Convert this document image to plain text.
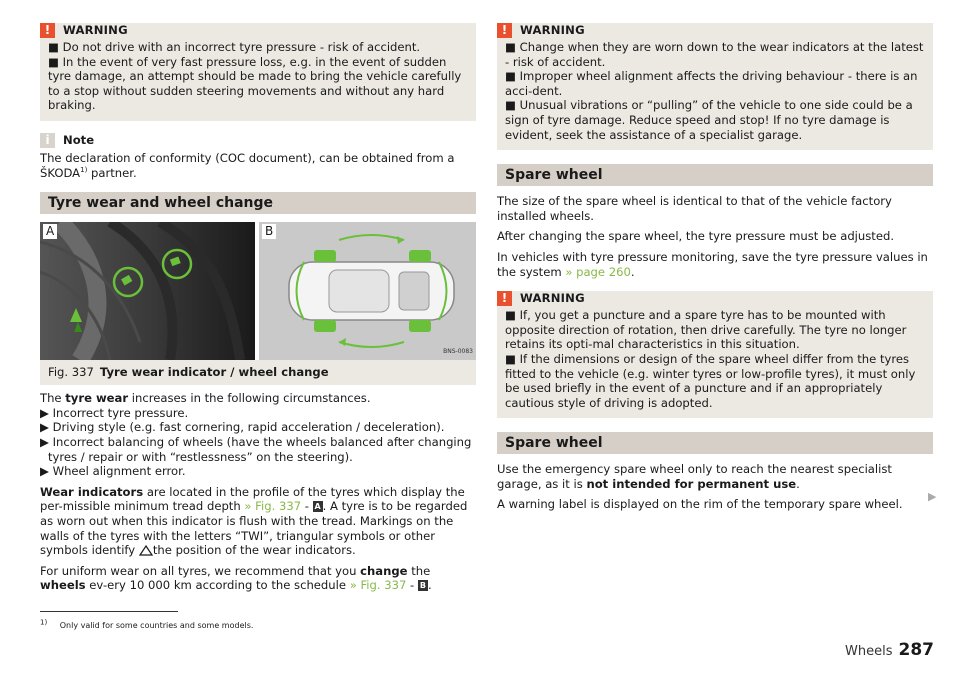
!	WARNING

■ Do not drive with an incorrect tyre pressure - risk of accident.

■ In the event of very fast pressure loss, e.g. in the event of sudden tyre damage, an attempt should be made to bring the vehicle carefully to a stop without sudden steering movements and without any hard braking.

i	Note

The declaration of conformity (COC document), can be obtained from a ŠKODA$^{1)}$ partner.

Tyre wear and wheel change
A	B
BNS-0083
Fig. 337 Tyre wear indicator / wheel change

The tyre wear increases in the following circumstances.

▶ Incorrect tyre pressure.

▶ Driving style (e.g. fast cornering, rapid acceleration / deceleration).

▶ Incorrect balancing of wheels (have the wheels balanced after changing tyres / repair or with “restlessness” on the steering).

▶ Wheel alignment error.

Wear indicators are located in the profile of the tyres which display the per-missible minimum tread depth » Fig. 337 - A . A tyre is to be regarded as worn out when this indicator is flush with the tread. Markings on the walls of the tyres with the letters “TWI”, triangular symbols or other symbols identify the position of the wear indicators.

For uniform wear on all tyres, we recommend that you change the wheels ev-ery 10 000 km according to the schedule » Fig. 337 - B .

!	WARNING

■ Change when they are worn down to the wear indicators at the latest - risk of accident.

■ Improper wheel alignment affects the driving behaviour - there is an acci-dent.

■ Unusual vibrations or “pulling” of the vehicle to one side could be a sign of tyre damage. Reduce speed and stop! If no tyre damage is evident, seek the assistance of a specialist garage.

Spare wheel

The size of the spare wheel is identical to that of the vehicle factory installed wheels.

After changing the spare wheel, the tyre pressure must be adjusted.

In vehicles with tyre pressure monitoring, save the tyre pressure values in the system » page 260.

!	WARNING

■ If, you get a puncture and a spare tyre has to be mounted with opposite direction of rotation, then drive carefully. The tyre no longer retains its opti-mal characteristics in this situation.

■ If the dimensions or design of the spare wheel differ from the tyres fitted to the vehicle (e.g. winter tyres or low-profile tyres), it must only be used briefly in the event of a puncture and if an appropriately cautious style of driving is adopted.

Spare wheel

Use the emergency spare wheel only to reach the nearest specialist garage, as it is not intended for permanent use.

A warning label is displayed on the rim of the temporary spare wheel.

▶
$^{1)}$ Only valid for some countries and some models.
Wheels 287
